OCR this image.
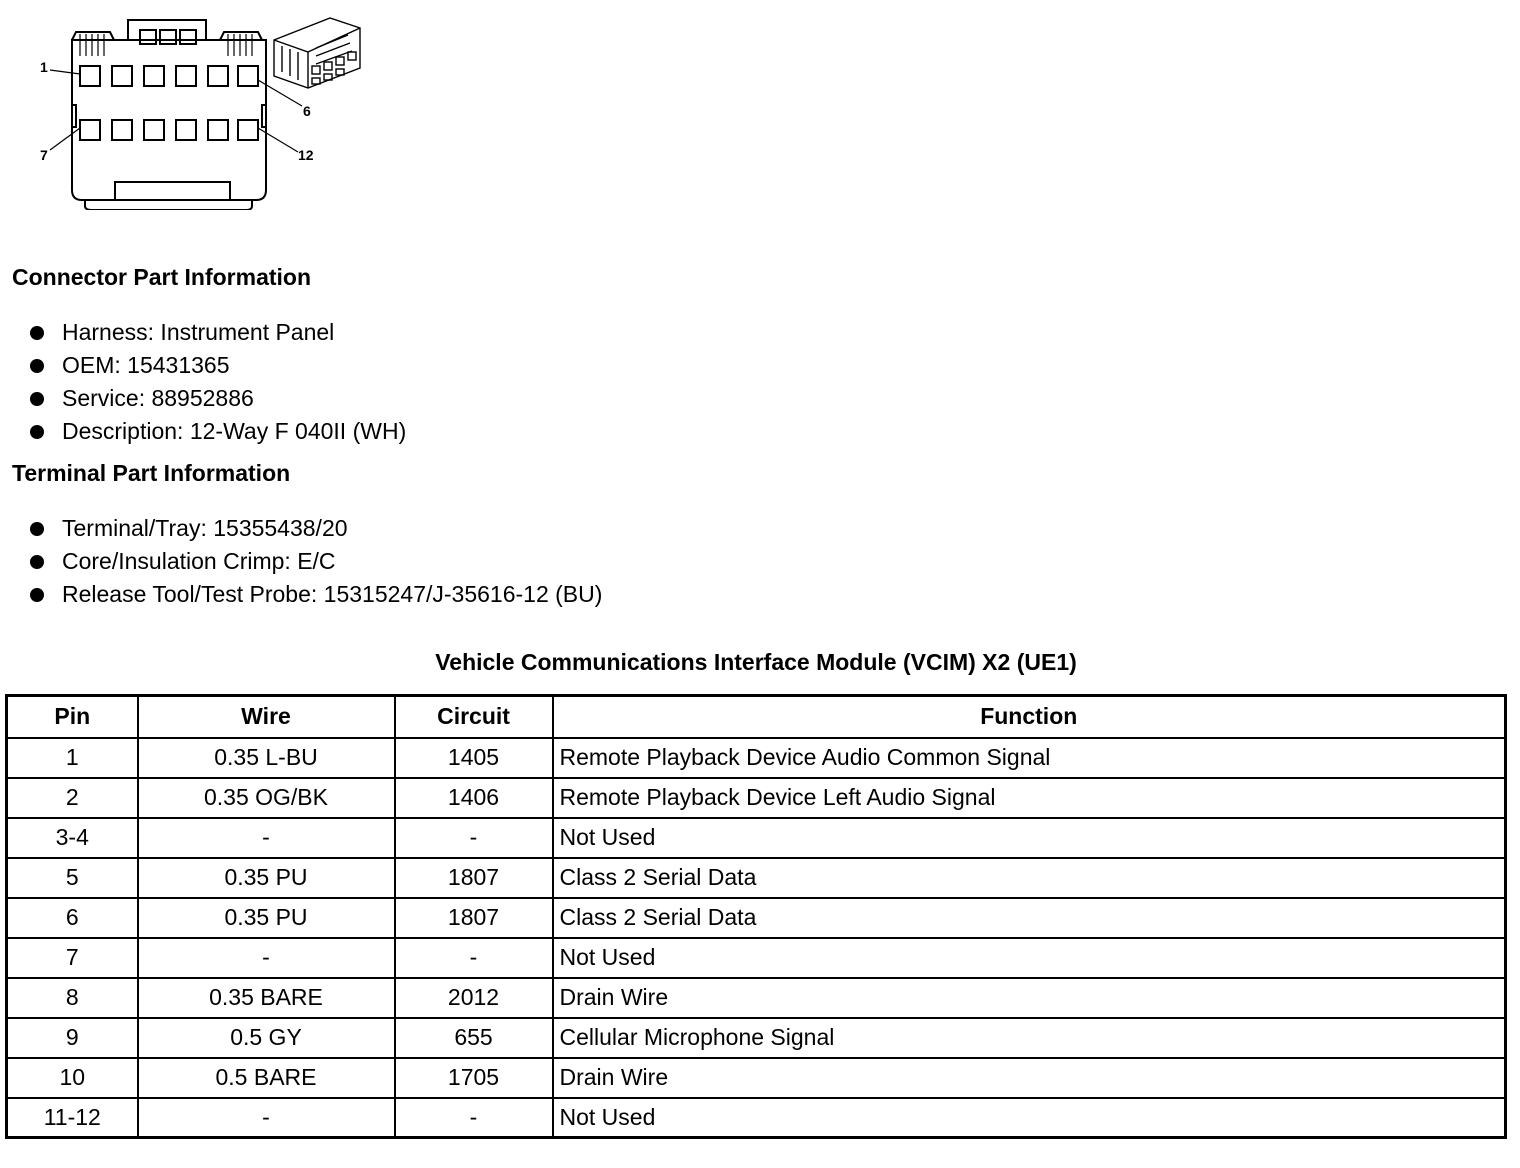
1
6
7	12
Connector Part Information
Harness: Instrument Panel
OEM: 15431365
Service: 88952886
Description: 12-Way F 040II (WH)
Terminal Part Information
Terminal/Tray: 15355438/20
Core/Insulation Crimp: E/C
Release Tool/Test Probe: 15315247/J-35616-12 (BU)
Vehicle Communications Interface Module (VCIM) X2 (UE1)
Pin	Wire	Circuit	Function
1	0.35 L-BU	1405	Remote Playback Device Audio Common Signal
2	0.35 OG/BK	1406	Remote Playback Device Left Audio Signal
3-4	-	-	Not Used
5	0.35 PU	1807	Class 2 Serial Data
6	0.35 PU	1807	Class 2 Serial Data
7	-	-	Not Used
8	0.35 BARE	2012	Drain Wire
9	0.5 GY	655	Cellular Microphone Signal
10	0.5 BARE	1705	Drain Wire
11-12	-	-	Not Used
